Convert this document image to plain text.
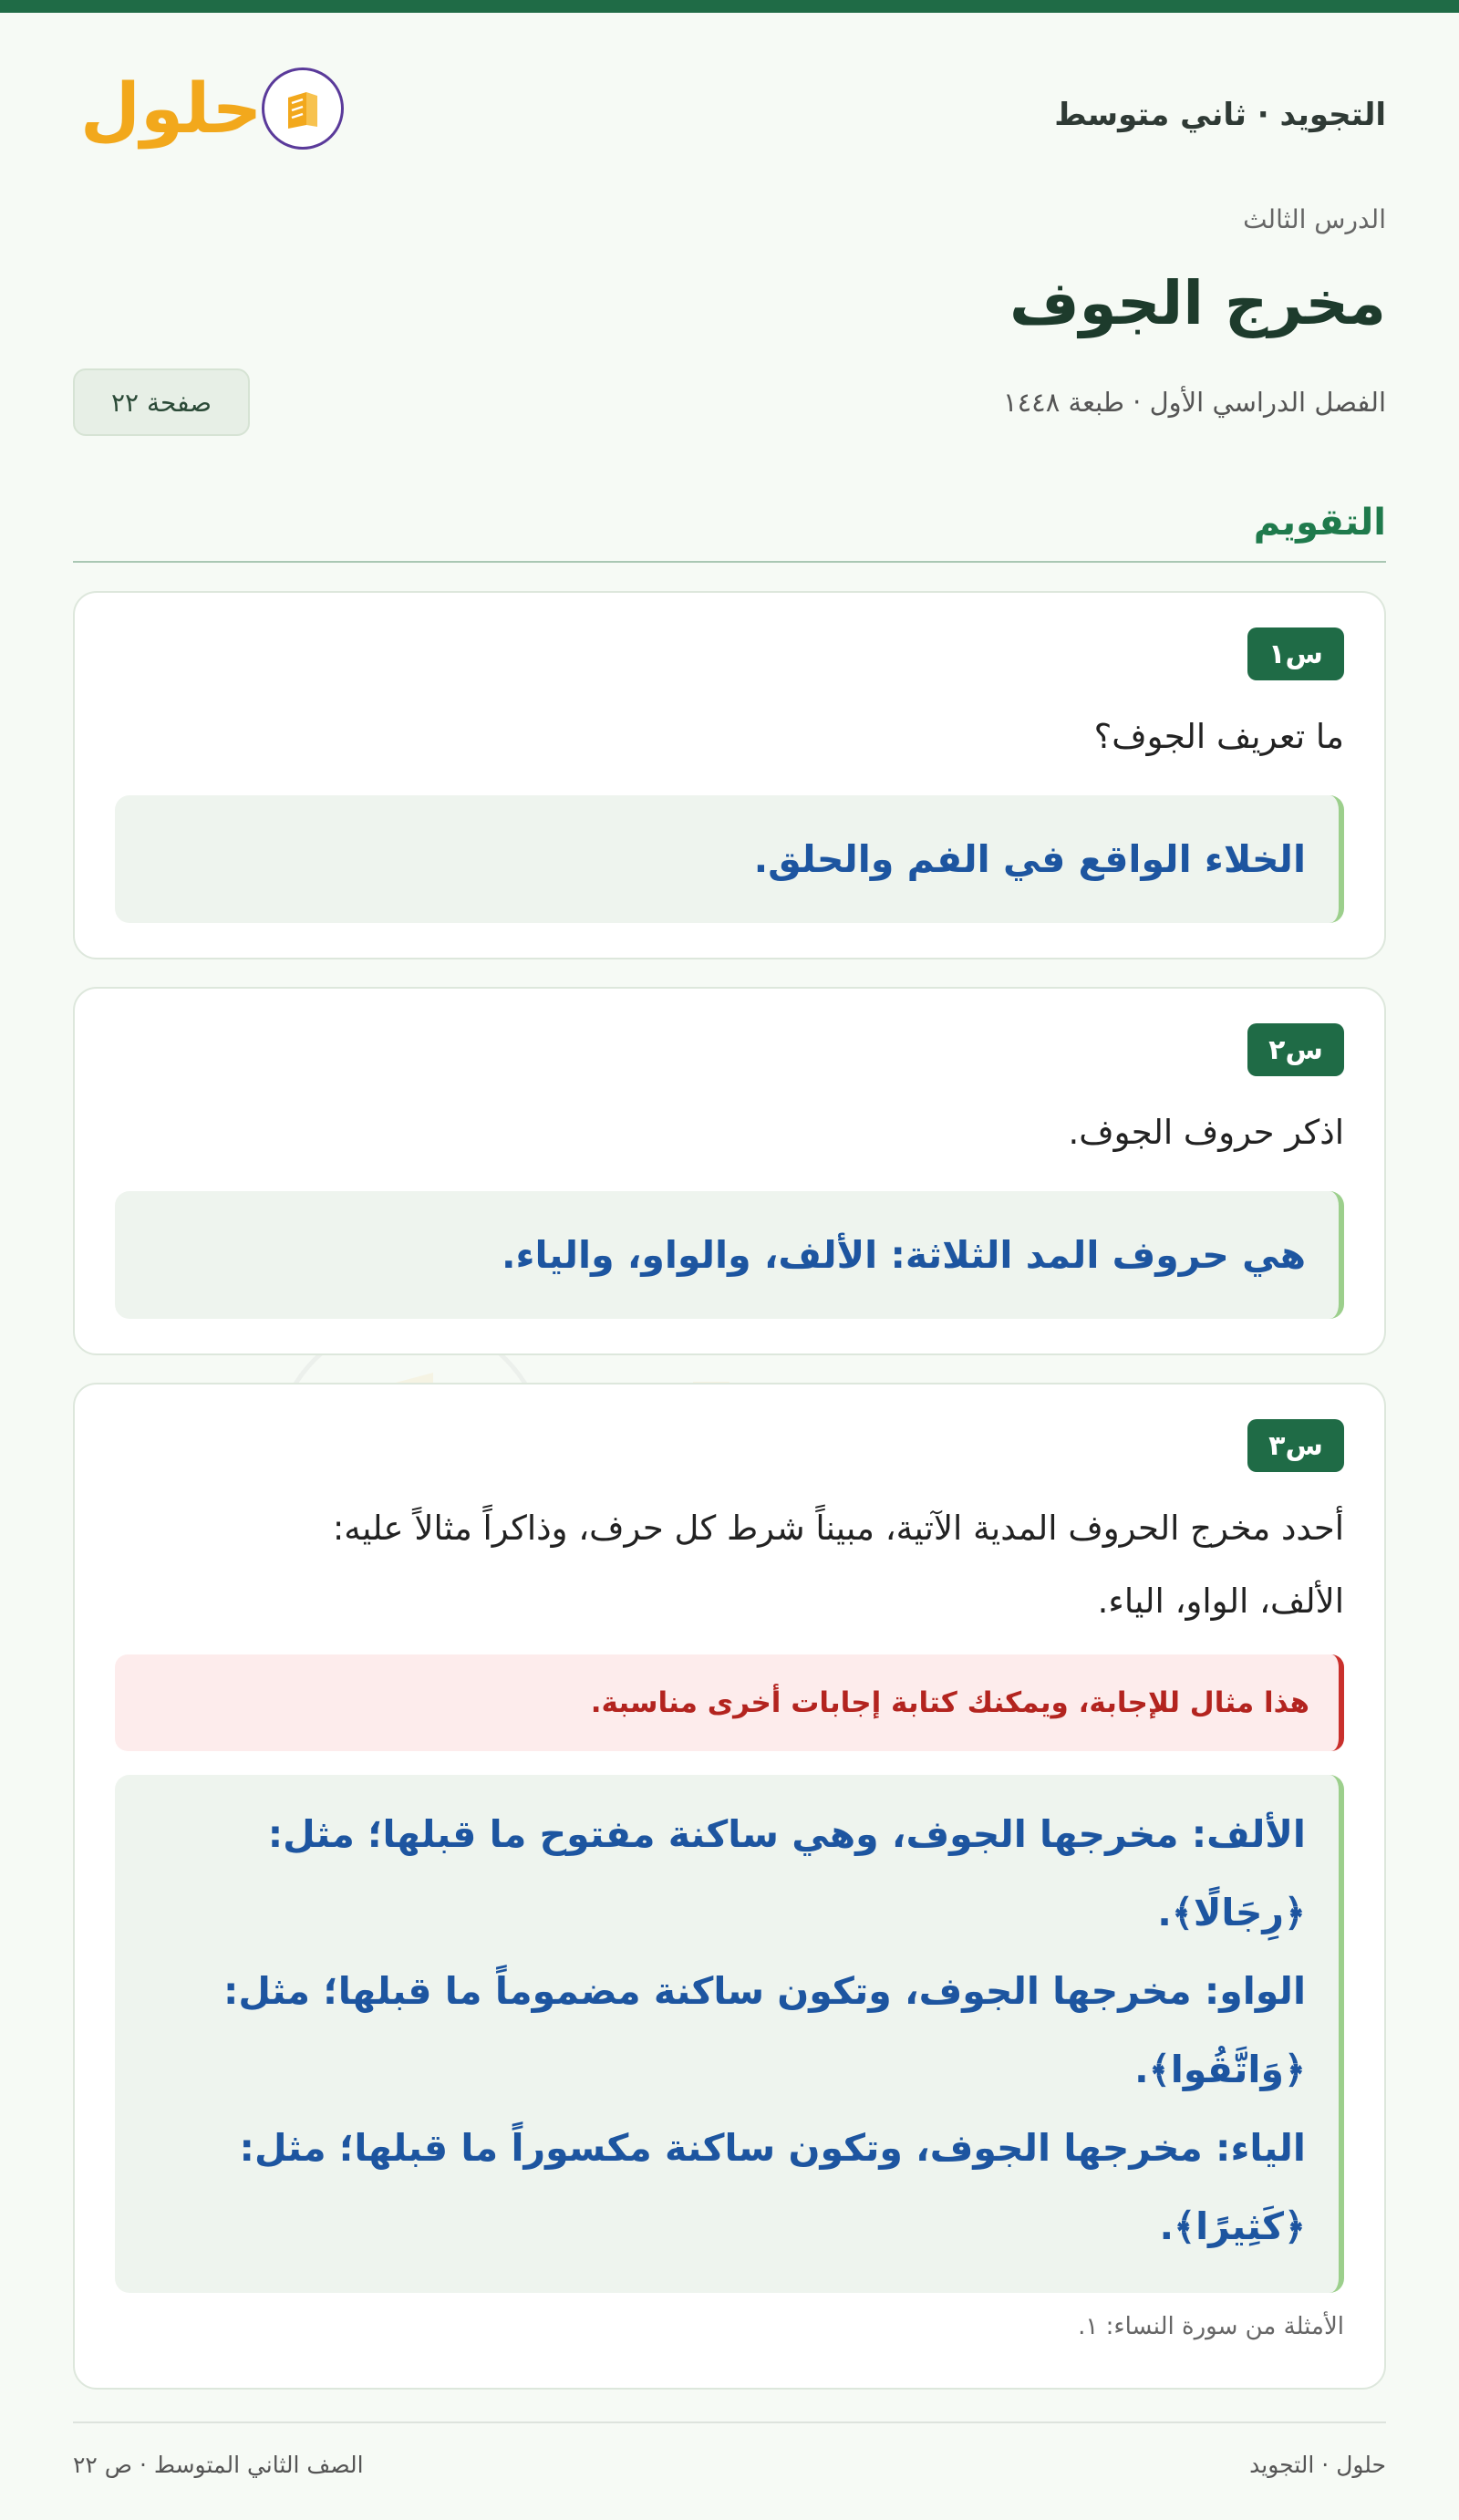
حلول	التجويد · ثاني متوسط
الدرس الثالث
مخرج الجوف
الفصل الدراسي الأول · طبعة ١٤٤٨
صفحة ٢٢
التقويم
س١
ما تعريف الجوف؟
الخلاء الواقع في الفم والحلق.
س٢
اذكر حروف الجوف.
هي حروف المد الثلاثة: الألف، والواو، والياء.
س٣
أحدد مخرج الحروف المدية الآتية، مبيناً شرط كل حرف، وذاكراً مثالاً عليه:
الألف، الواو، الياء.
هذا مثال للإجابة، ويمكنك كتابة إجابات أخرى مناسبة.
الألف: مخرجها الجوف، وهي ساكنة مفتوح ما قبلها؛ مثل:
﴿رِجَالًا﴾.
الواو: مخرجها الجوف، وتكون ساكنة مضموماً ما قبلها؛ مثل:
﴿وَاتَّقُوا﴾.
الياء: مخرجها الجوف، وتكون ساكنة مكسوراً ما قبلها؛ مثل:
﴿كَثِيرًا﴾.
الأمثلة من سورة النساء: ١.
حلول · التجويد
الصف الثاني المتوسط · ص ٢٢
